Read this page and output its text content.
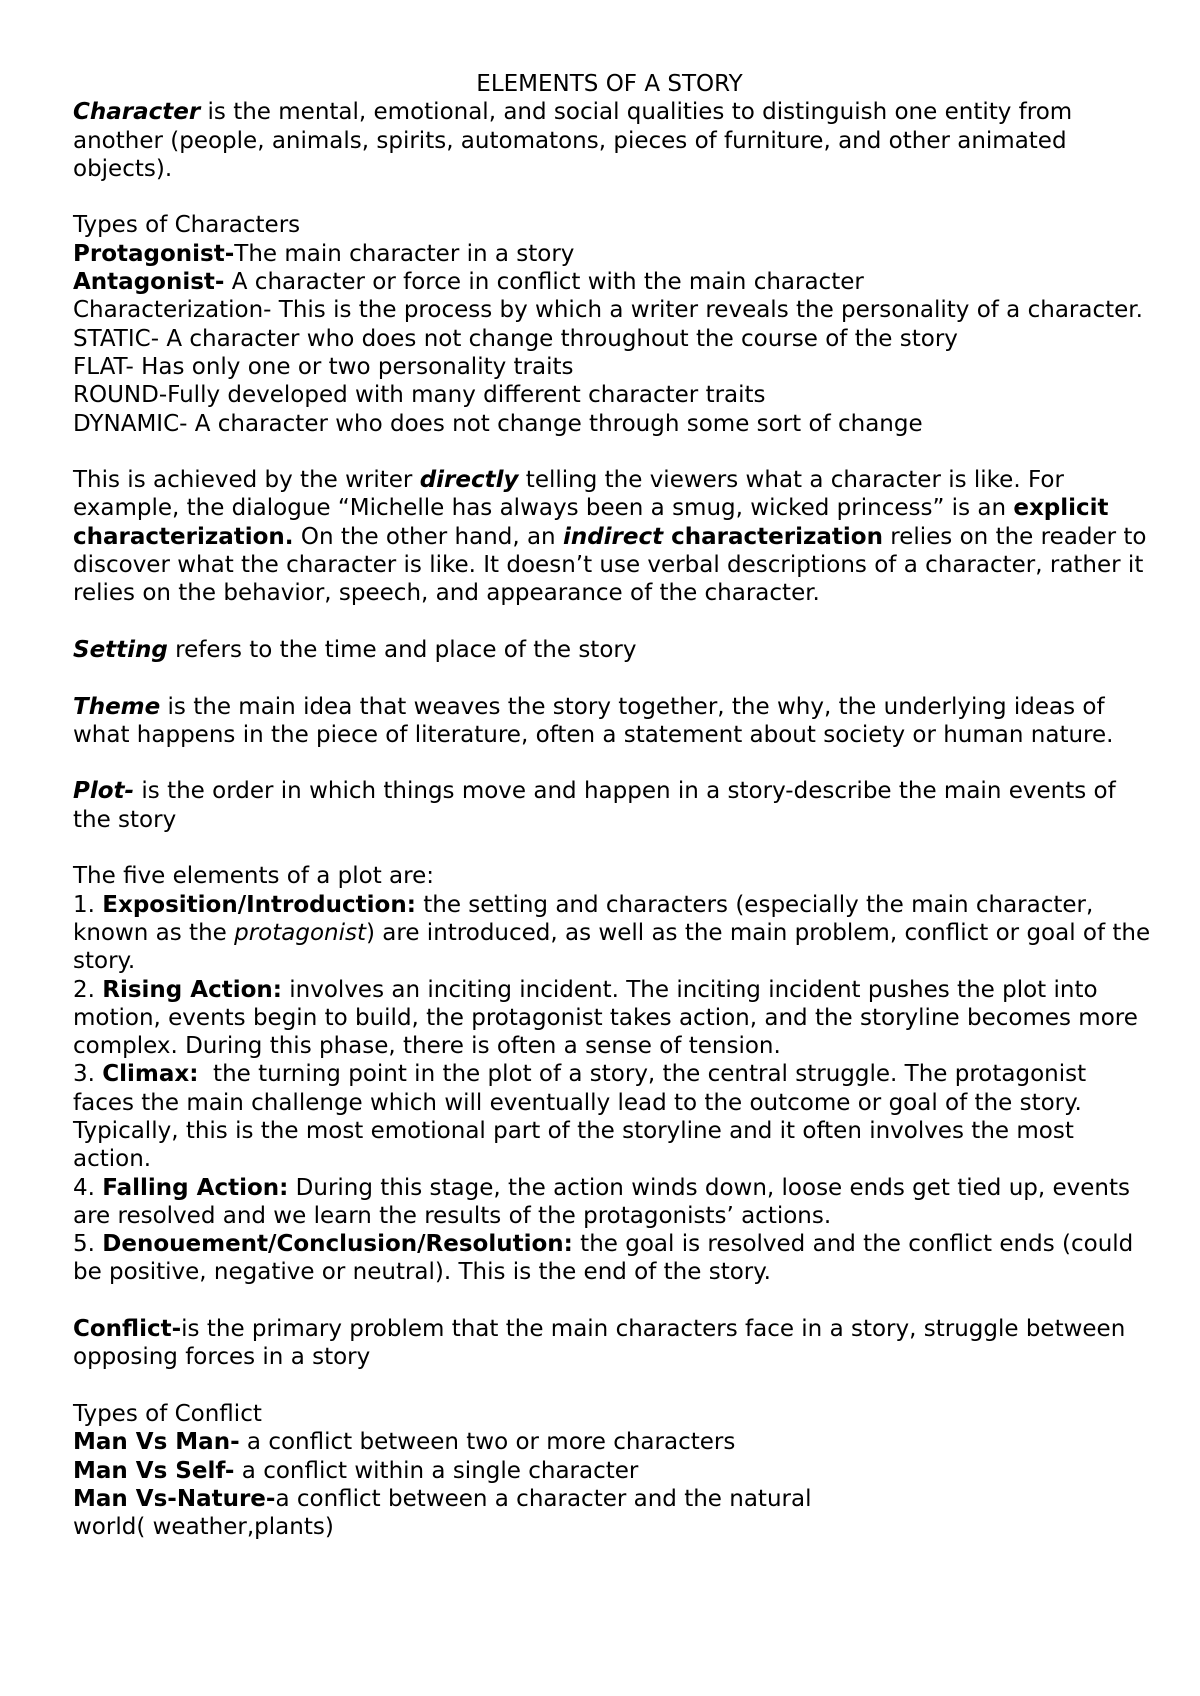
ELEMENTS OF A STORY

Character is the mental, emotional, and social qualities to distinguish one entity from another (people, animals, spirits, automatons, pieces of furniture, and other animated objects).

Types of Characters

Protagonist-The main character in a story

Antagonist- A character or force in conflict with the main character

Characterization- This is the process by which a writer reveals the personality of a character.

STATIC- A character who does not change throughout the course of the story

FLAT- Has only one or two personality traits

ROUND-Fully developed with many different character traits

DYNAMIC- A character who does not change through some sort of change

This is achieved by the writer directly telling the viewers what a character is like. For example, the dialogue “Michelle has always been a smug, wicked princess” is an explicit characterization. On the other hand, an indirect characterization relies on the reader to discover what the character is like. It doesn’t use verbal descriptions of a character, rather it relies on the behavior, speech, and appearance of the character.

Setting refers to the time and place of the story

Theme is the main idea that weaves the story together, the why, the underlying ideas of what happens in the piece of literature, often a statement about society or human nature.

Plot- is the order in which things move and happen in a story-describe the main events of the story

The five elements of a plot are:

1. Exposition/Introduction: the setting and characters (especially the main character, known as the protagonist) are introduced, as well as the main problem, conflict or goal of the story.

2. Rising Action: involves an inciting incident. The inciting incident pushes the plot into motion, events begin to build, the protagonist takes action, and the storyline becomes more complex. During this phase, there is often a sense of tension.

3. Climax:  the turning point in the plot of a story, the central struggle. The protagonist faces the main challenge which will eventually lead to the outcome or goal of the story. Typically, this is the most emotional part of the storyline and it often involves the most action.

4. Falling Action: During this stage, the action winds down, loose ends get tied up, events are resolved and we learn the results of the protagonists’ actions.

5. Denouement/Conclusion/Resolution: the goal is resolved and the conflict ends (could be positive, negative or neutral). This is the end of the story.

Conflict-is the primary problem that the main characters face in a story, struggle between opposing forces in a story

Types of Conflict

Man Vs Man- a conflict between two or more characters

Man Vs Self- a conflict within a single character

Man Vs-Nature-a conflict between a character and the natural world( weather,plants)
